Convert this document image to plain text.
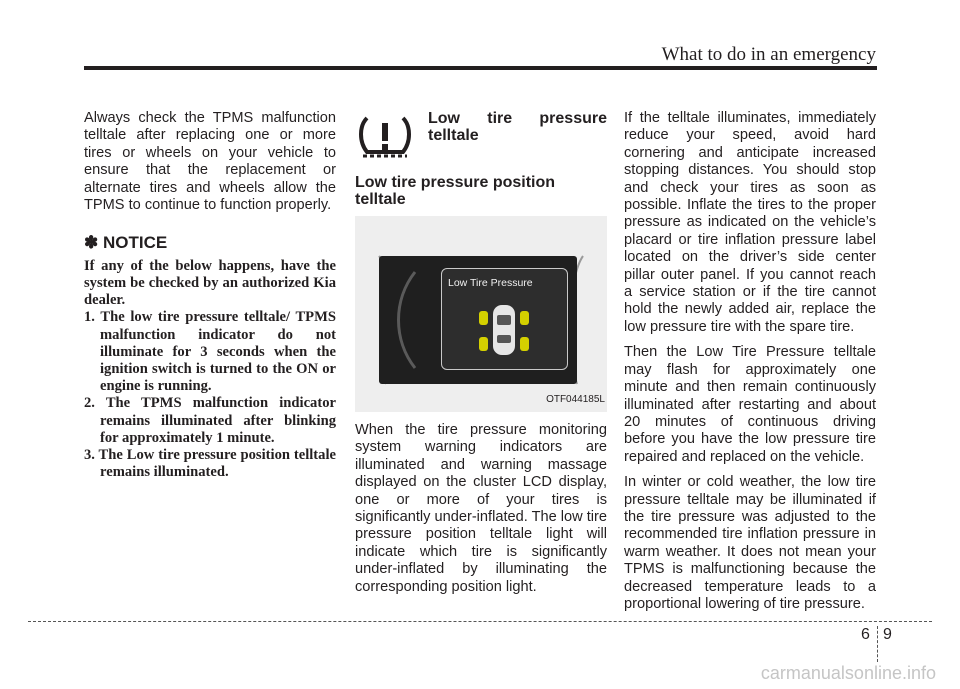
What to do in an emergency

Always check the TPMS malfunction telltale after replacing one or more tires or wheels on your vehicle to ensure that the replacement or alternate tires and wheels allow the TPMS to continue to function properly.

✽ NOTICE

If any of the below happens, have the system be checked by an authorized Kia dealer.

1. The low tire pressure telltale/ TPMS malfunction indicator do not illuminate for 3 seconds when the ignition switch is turned to the ON or engine is running.
2. The TPMS malfunction indicator remains illuminated after blinking for approximately 1 minute.
3. The Low tire pressure position telltale remains illuminated.
Low tire pressure telltale
Low tire pressure position telltale
Low Tire Pressure
OTF044185L

When the tire pressure monitoring system warning indicators are illuminated and warning massage displayed on the cluster LCD display, one or more of your tires is significantly under-inflated. The low tire pressure position telltale light will indicate which tire is significantly under-inflated by illuminating the corresponding position light.

If the telltale illuminates, immediately reduce your speed, avoid hard cornering and anticipate increased stopping distances. You should stop and check your tires as soon as possible. Inflate the tires to the proper pressure as indicated on the vehicle’s placard or tire inflation pressure label located on the driver’s side center pillar outer panel. If you cannot reach a service station or if the tire cannot hold the newly added air, replace the low pressure tire with the spare tire.

Then the Low Tire Pressure telltale may flash for approximately one minute and then remain continuously illuminated after restarting and about 20 minutes of continuous driving before you have the low pressure tire repaired and replaced on the vehicle.

In winter or cold weather, the low tire pressure telltale may be illuminated if the tire pressure was adjusted to the recommended tire inflation pressure in warm weather. It does not mean your TPMS is malfunctioning because the decreased temperature leads to a proportional lowering of tire pressure.

6 9
carmanualsonline.info
